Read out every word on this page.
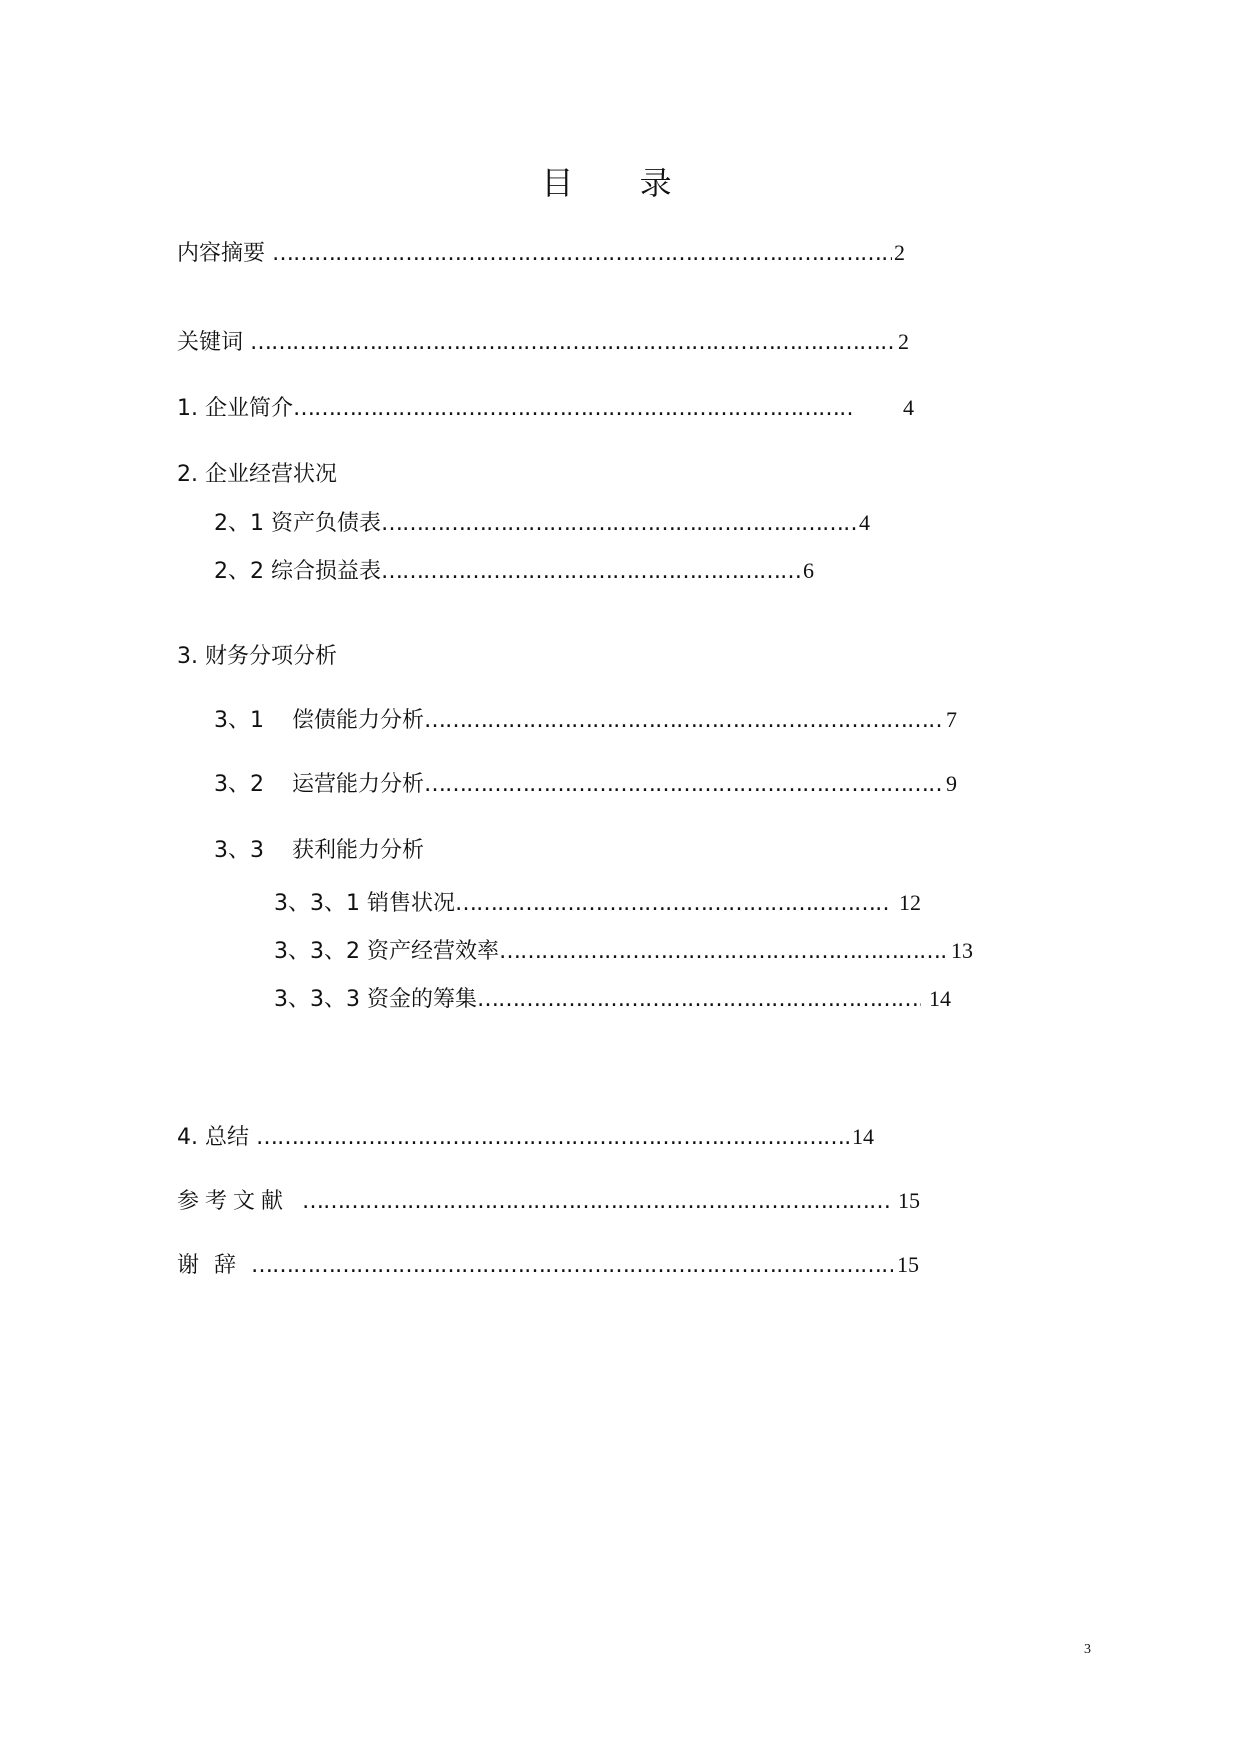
目 录
内容摘要 ………………………………………………………………………………………………………………………………………………………………………………………………………………………………	2
关键词 ………………………………………………………………………………………………………………………………………………………………………………………………………………………………	2
1. 企业简介 ………………………………………………………………………………………………………………………………………………………………………………………………………………………………	4
2. 企业经营状况
2、1 资产负债表 ………………………………………………………………………………………………………………………………………………………………………………………………………………………………	4
2、2 综合损益表 ………………………………………………………………………………………………………………………………………………………………………………………………………………………………	6
3. 财务分项分析
3、1    偿债能力分析 ………………………………………………………………………………………………………………………………………………………………………………………………………………………………	7
3、2    运营能力分析 ………………………………………………………………………………………………………………………………………………………………………………………………………………………………	9
3、3    获利能力分析
3、3、1 销售状况 ………………………………………………………………………………………………………………………………………………………………………………………………………………………………	12
3、3、2 资产经营效率 ………………………………………………………………………………………………………………………………………………………………………………………………………………………………	13
3、3、3 资金的筹集 ………………………………………………………………………………………………………………………………………………………………………………………………………………………………	14
4. 总结 ………………………………………………………………………………………………………………………………………………………………………………………………………………………………	14
参考文献 ………………………………………………………………………………………………………………………………………………………………………………………………………………………………	15
谢 辞 ………………………………………………………………………………………………………………………………………………………………………………………………………………………………	15
3
